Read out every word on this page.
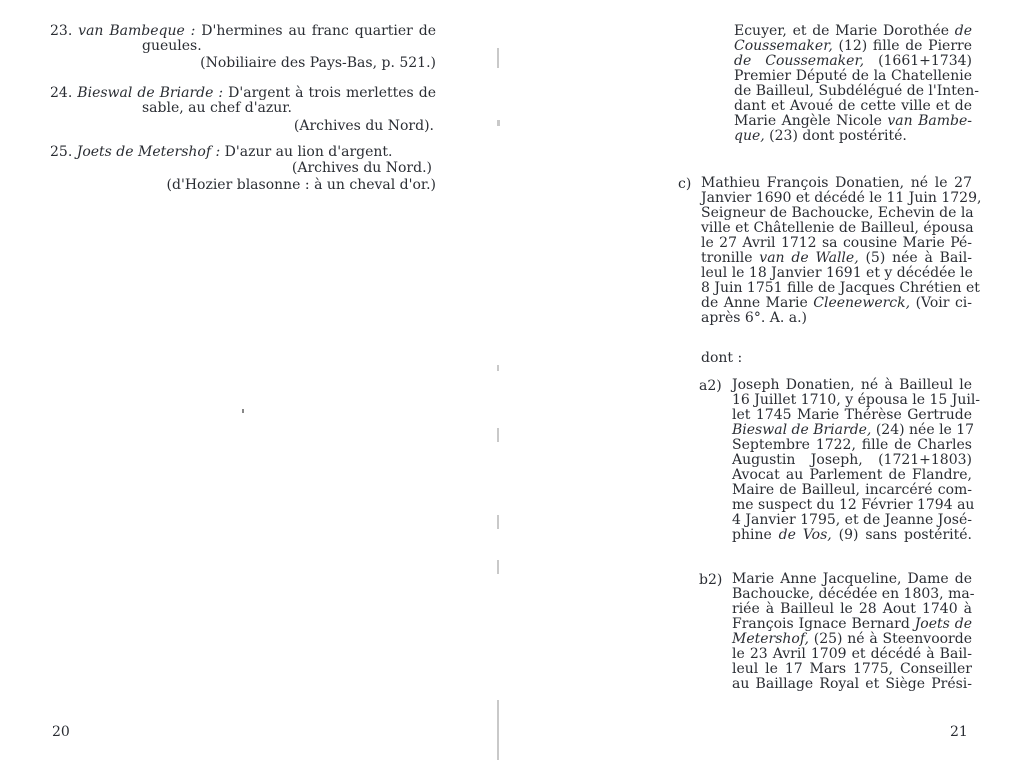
23. van Bambeque : D'hermines au franc quartier de
gueules.
(Nobiliaire des Pays-Bas, p. 521.)
24. Bieswal de Briarde : D'argent à trois merlettes de
sable, au chef d'azur.
(Archives du Nord).
25. Joets de Metershof : D'azur au lion d'argent.
(Archives du Nord.)
(d'Hozier blasonne : à un cheval d'or.)
20
Ecuyer, et de Marie Dorothée de
Coussemaker, (12) fille de Pierre
de Coussemaker, (1661+1734)
Premier Député de la Chatellenie
de Bailleul, Subdélégué de l'Inten-
dant et Avoué de cette ville et de
Marie Angèle Nicole van Bambe-
que, (23) dont postérité.
c) Mathieu François Donatien, né le 27
Janvier 1690 et décédé le 11 Juin 1729,
Seigneur de Bachoucke, Echevin de la
ville et Châtellenie de Bailleul, épousa
le 27 Avril 1712 sa cousine Marie Pé-
tronille van de Walle, (5) née à Bail-
leul le 18 Janvier 1691 et y décédée le
8 Juin 1751 fille de Jacques Chrétien et
de Anne Marie Cleenewerck, (Voir ci-
après 6°. A. a.)
dont :
a2) Joseph Donatien, né à Bailleul le
16 Juillet 1710, y épousa le 15 Juil-
let 1745 Marie Thérèse Gertrude
Bieswal de Briarde, (24) née le 17
Septembre 1722, fille de Charles
Augustin Joseph, (1721+1803)
Avocat au Parlement de Flandre,
Maire de Bailleul, incarcéré com-
me suspect du 12 Février 1794 au
4 Janvier 1795, et de Jeanne José-
phine de Vos, (9) sans postérité.
b2) Marie Anne Jacqueline, Dame de
Bachoucke, décédée en 1803, ma-
riée à Bailleul le 28 Aout 1740 à
François Ignace Bernard Joets de
Metershof, (25) né à Steenvoorde
le 23 Avril 1709 et décédé à Bail-
leul le 17 Mars 1775, Conseiller
au Baillage Royal et Siège Prési-
21
